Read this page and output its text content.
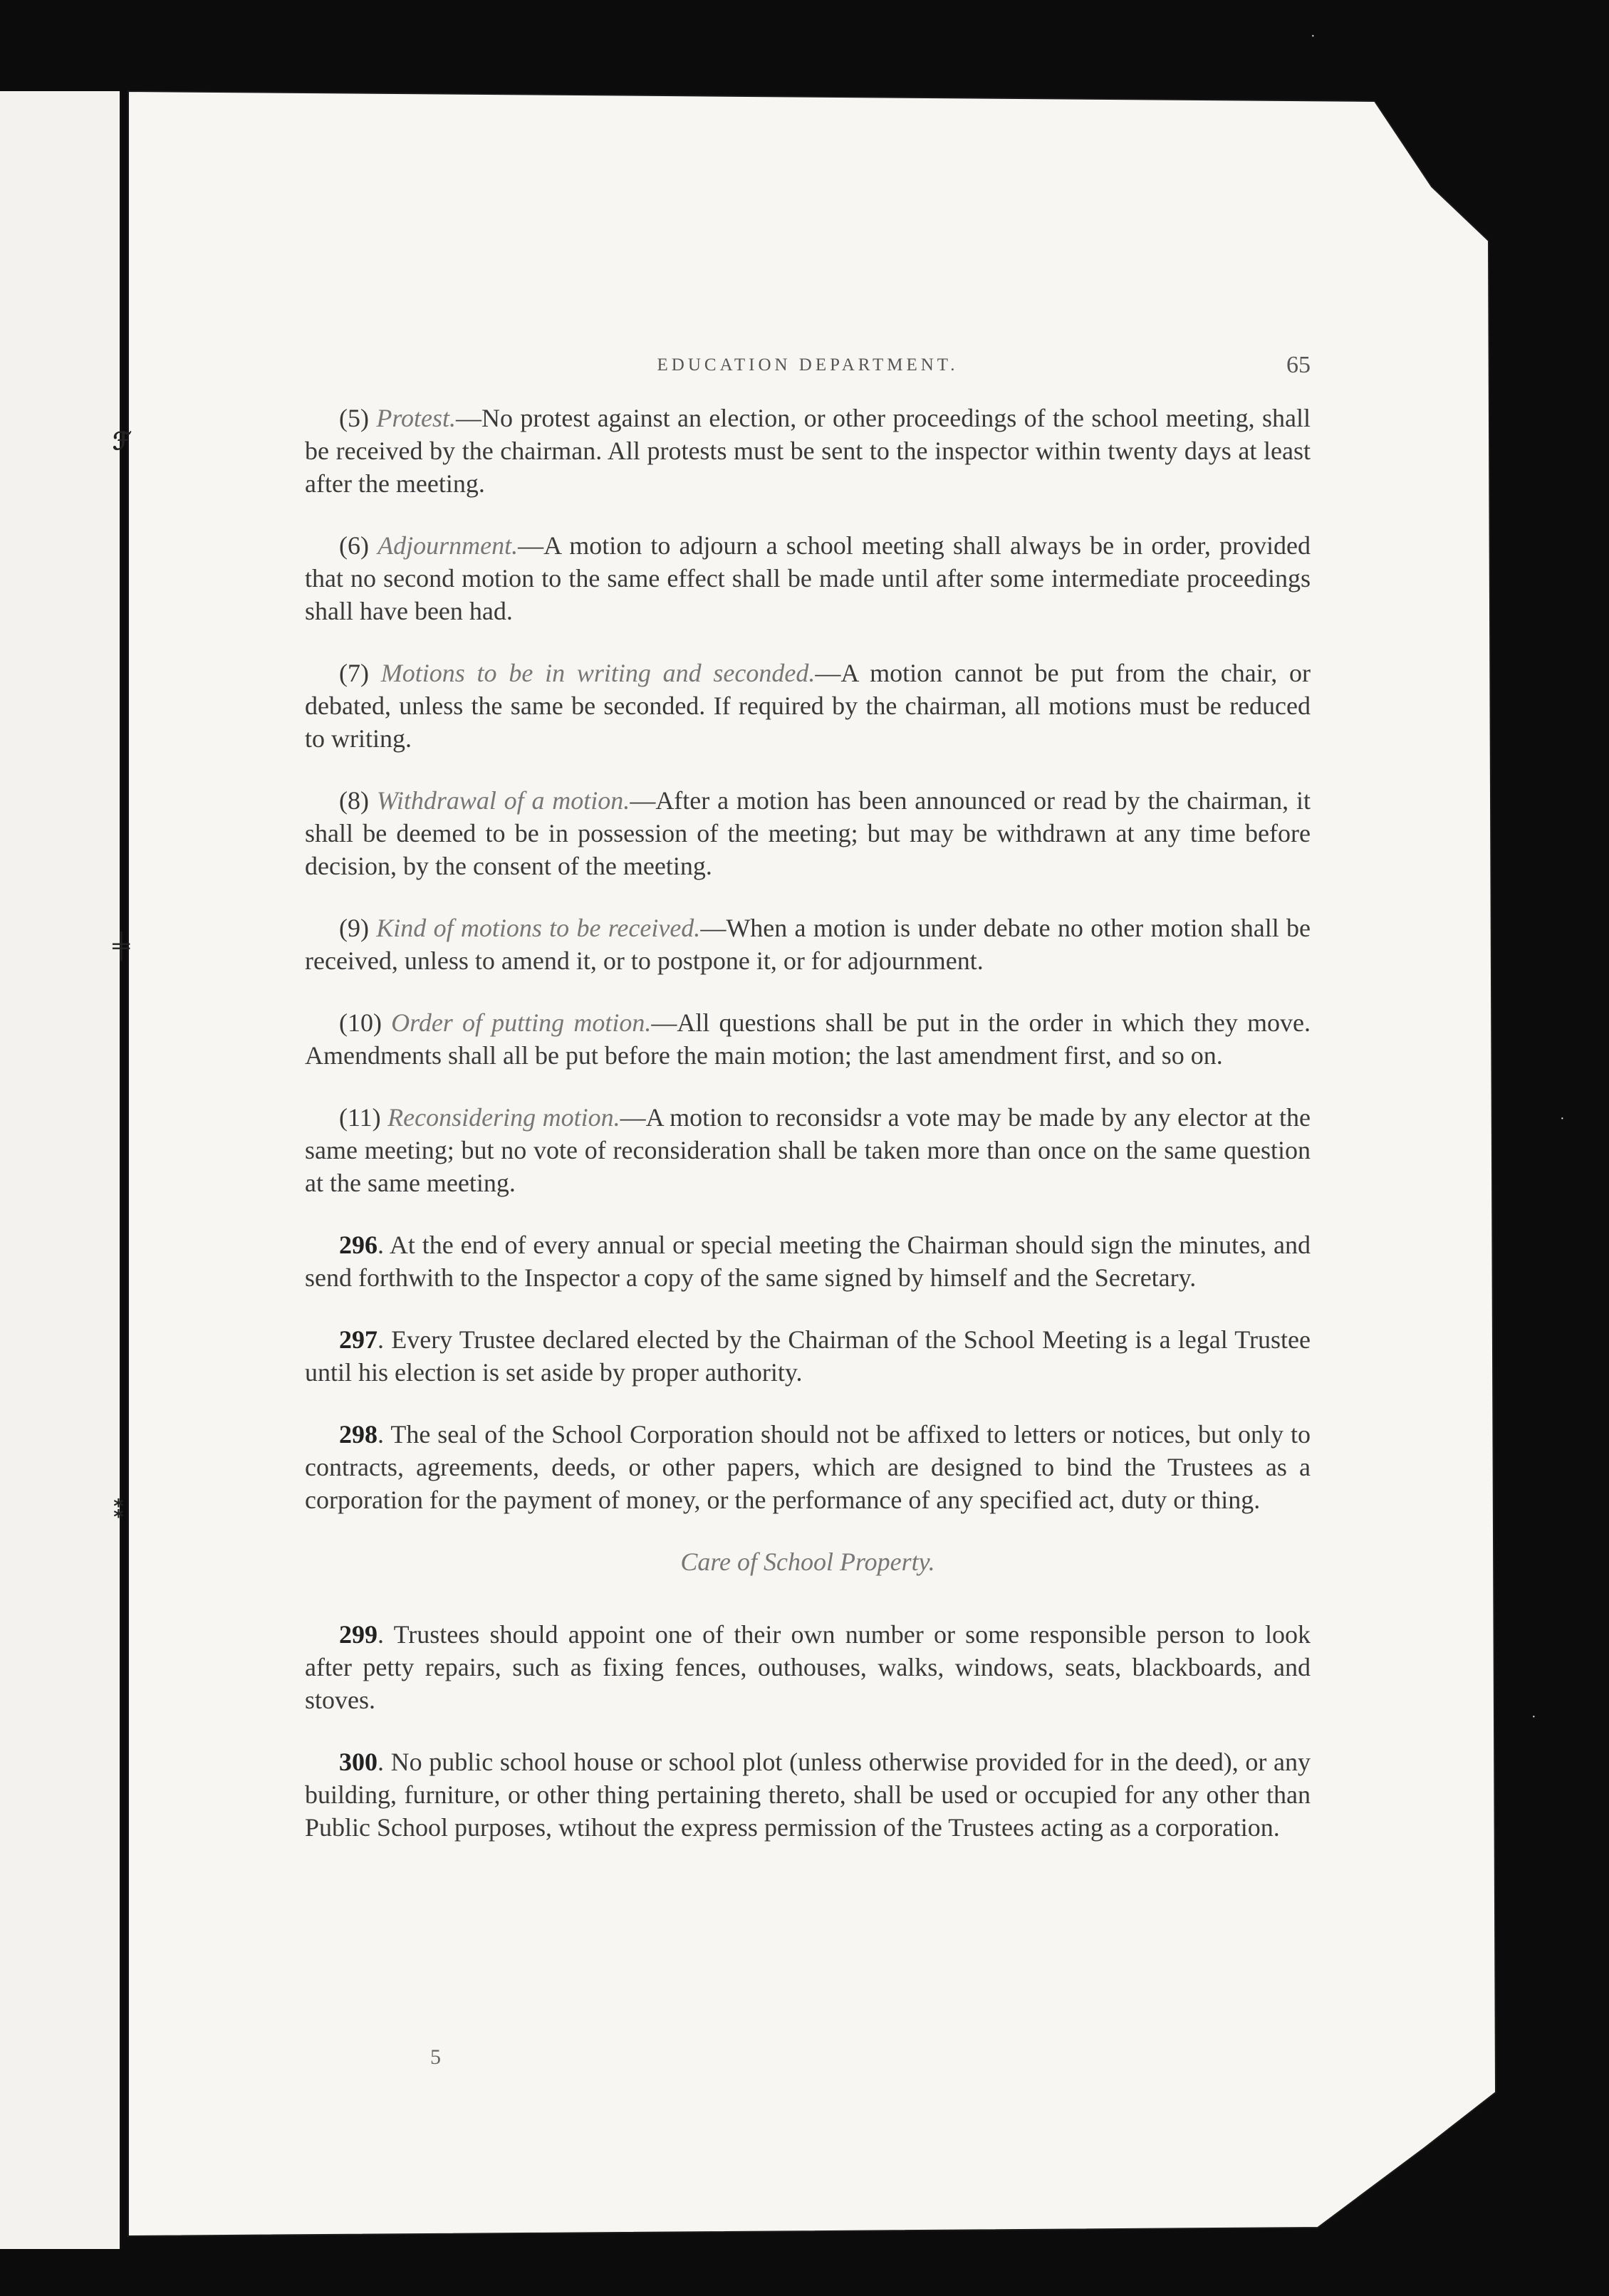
ℱ
╪
⁑
EDUCATION DEPARTMENT.	65

(5) Protest.—No protest against an election, or other proceedings of the school meeting, shall be received by the chairman. All protests must be sent to the inspector within twenty days at least after the meeting.

(6) Adjournment.—A motion to adjourn a school meeting shall always be in order, provided that no second motion to the same effect shall be made until after some intermediate proceedings shall have been had.

(7) Motions to be in writing and seconded.—A motion cannot be put from the chair, or debated, unless the same be seconded. If required by the chairman, all motions must be reduced to writing.

(8) Withdrawal of a motion.—After a motion has been announced or read by the chairman, it shall be deemed to be in possession of the meeting; but may be withdrawn at any time before decision, by the consent of the meeting.

(9) Kind of motions to be received.—When a motion is under debate no other motion shall be received, unless to amend it, or to postpone it, or for adjournment.

(10) Order of putting motion.—All questions shall be put in the order in which they move. Amendments shall all be put before the main motion; the last amendment first, and so on.

(11) Reconsidering motion.—A motion to reconsidsr a vote may be made by any elector at the same meeting; but no vote of reconsideration shall be taken more than once on the same question at the same meeting.

296. At the end of every annual or special meeting the Chairman should sign the minutes, and send forthwith to the Inspector a copy of the same signed by himself and the Secretary.

297. Every Trustee declared elected by the Chairman of the School Meeting is a legal Trustee until his election is set aside by proper authority.

298. The seal of the School Corporation should not be affixed to letters or notices, but only to contracts, agreements, deeds, or other papers, which are designed to bind the Trustees as a corporation for the payment of money, or the performance of any specified act, duty or thing.

Care of School Property.

299. Trustees should appoint one of their own number or some responsible person to look after petty repairs, such as fixing fences, outhouses, walks, windows, seats, blackboards, and stoves.

300. No public school house or school plot (unless otherwise provided for in the deed), or any building, furniture, or other thing pertaining thereto, shall be used or occupied for any other than Public School purposes, wtihout the express permission of the Trustees acting as a corporation.

5
·
·
·
